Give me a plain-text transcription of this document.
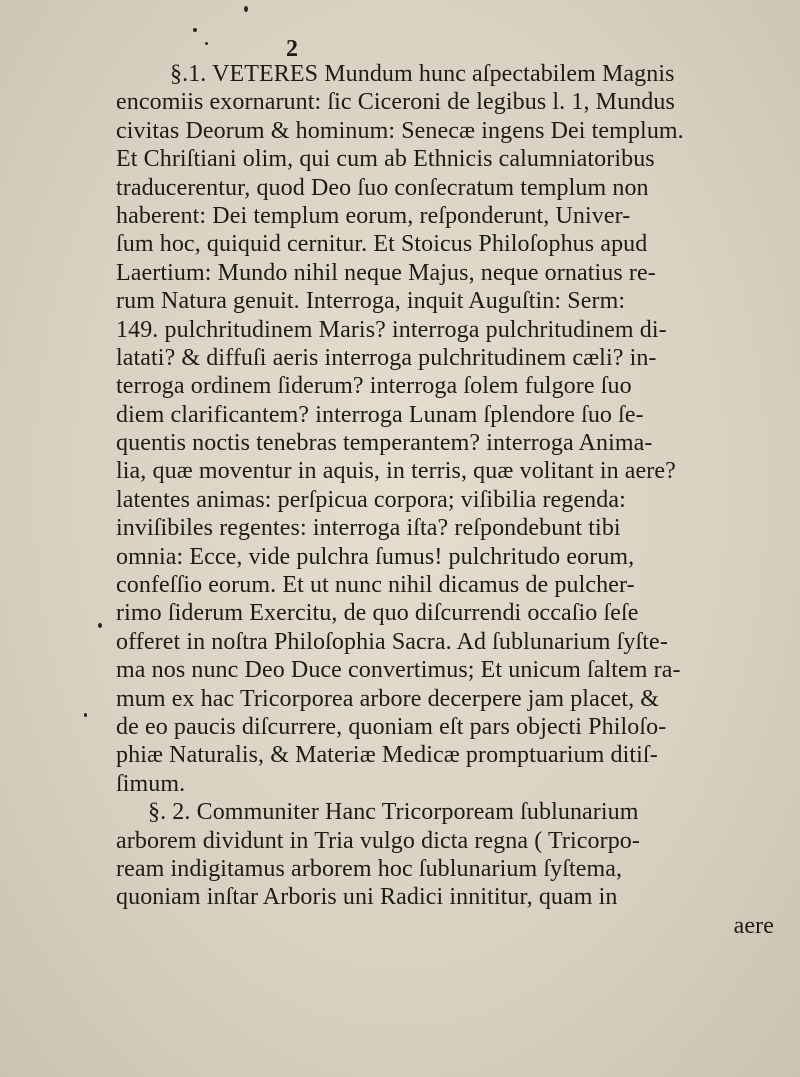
2
§.1. VETERES Mundum hunc aſpectabilem Magnis
encomiis exornarunt: ſic Ciceroni de legibus l. 1, Mundus
civitas Deorum & hominum: Senecæ ingens Dei templum.
Et Chriſtiani olim, qui cum ab Ethnicis calumniatoribus
traducerentur, quod Deo ſuo conſecratum templum non
haberent: Dei templum eorum, reſponderunt, Univer-
ſum hoc, quiquid cernitur. Et Stoicus Philoſophus apud
Laertium: Mundo nihil neque Majus, neque ornatius re-
rum Natura genuit. Interroga, inquit Auguſtin: Serm:
149. pulchritudinem Maris? interroga pulchritudinem di-
latati? & diffuſi aeris interroga pulchritudinem cæli? in-
terroga ordinem ſiderum? interroga ſolem fulgore ſuo
diem clarificantem? interroga Lunam ſplendore ſuo ſe-
quentis noctis tenebras temperantem? interroga Anima-
lia, quæ moventur in aquis, in terris, quæ volitant in aere?
latentes animas: perſpicua corpora; viſibilia regenda:
inviſibiles regentes: interroga iſta? reſpondebunt tibi
omnia: Ecce, vide pulchra ſumus! pulchritudo eorum,
confeſſio eorum. Et ut nunc nihil dicamus de pulcher-
rimo ſiderum Exercitu, de quo diſcurrendi occaſio ſeſe
offeret in noſtra Philoſophia Sacra. Ad ſublunarium ſyſte-
ma nos nunc Deo Duce convertimus; Et unicum ſaltem ra-
mum ex hac Tricorporea arbore decerpere jam placet, &
de eo paucis diſcurrere, quoniam eſt pars objecti Philoſo-
phiæ Naturalis, & Materiæ Medicæ promptuarium ditiſ-
ſimum.
§. 2. Communiter Hanc Tricorpoream ſublunarium
arborem dividunt in Tria vulgo dicta regna ( Tricorpo-
ream indigitamus arborem hoc ſublunarium ſyſtema,
quoniam inſtar Arboris uni Radici innititur, quam in
aere
